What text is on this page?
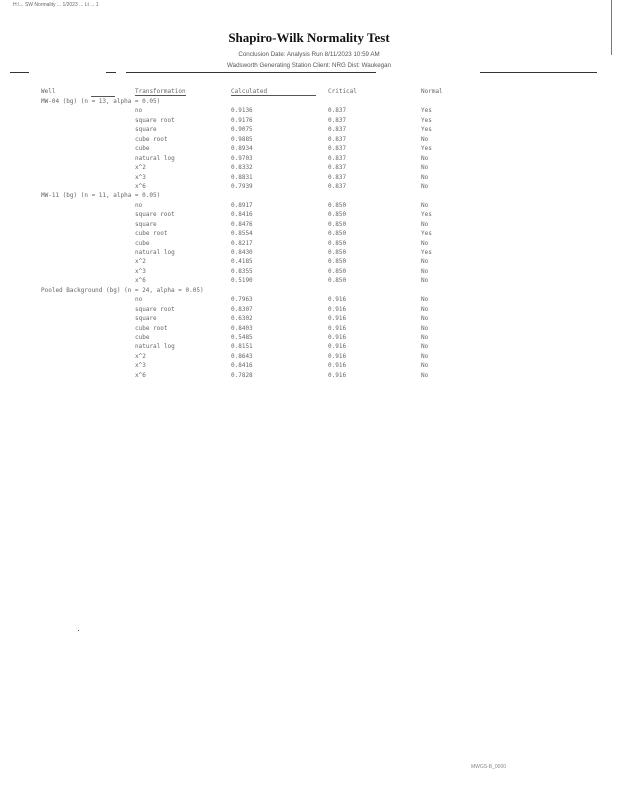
H:\... SW Normality ... 1/2023 ... Lt ... 1
Shapiro-Wilk Normality Test
Conclusion Date: Analysis Run 8/11/2023 10:59 AM
Wadsworth Generating Station Client: NRG Dist: Waukegan
Well	Transformation	Calculated	Critical	Normal
MW-04 (bg) (n = 13, alpha = 0.05)
no	0.9136	0.837	Yes
square root	0.9176	0.837	Yes
square	0.9075	0.837	Yes
cube root	0.9885	0.837	No
cube	0.8934	0.837	Yes
natural log	0.9703	0.837	No
x^2	0.8332	0.837	No
x^3	0.8831	0.837	No
x^6	0.7939	0.837	No
MW-11 (bg) (n = 11, alpha = 0.05)
no	0.8917	0.850	No
square root	0.8416	0.850	Yes
square	0.8476	0.850	No
cube root	0.8554	0.850	Yes
cube	0.8217	0.850	No
natural log	0.8430	0.850	Yes
x^2	0.4185	0.850	No
x^3	0.8355	0.850	No
x^6	0.5190	0.850	No
Pooled Background (bg) (n = 24, alpha = 0.05)
no	0.7963	0.916	No
square root	0.8307	0.916	No
square	0.6302	0.916	No
cube root	0.8403	0.916	No
cube	0.5485	0.916	No
natural log	0.8151	0.916	No
x^2	0.8643	0.916	No
x^3	0.8416	0.916	No
x^6	0.7828	0.916	No
MWGS-B_0000
